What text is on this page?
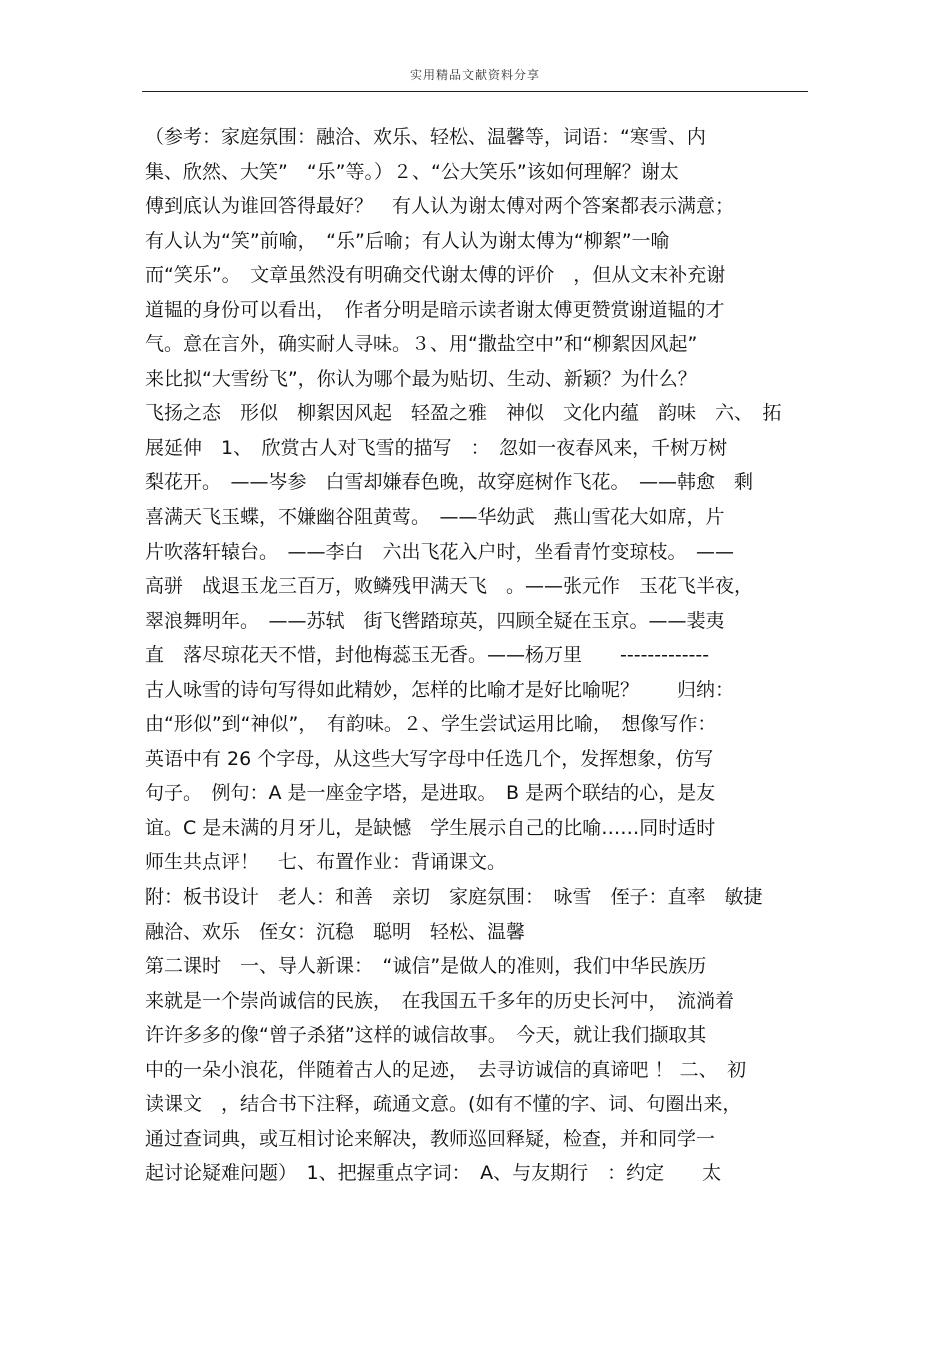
实用精品文献资料分享
（参考：家庭氛围：融洽、欢乐、轻松、温馨等，词语：“寒雪、内
集、欣然、大笑”　“乐”等。）２、“公大笑乐”该如何理解？谢太
傅到底认为谁回答得最好？　有人认为谢太傅对两个答案都表示满意；
有人认为“笑”前喻，　“乐”后喻；有人认为谢太傅为“柳絮”一喻
而“笑乐”。　文章虽然没有明确交代谢太傅的评价　，但从文末补充谢
道韫的身份可以看出，　作者分明是暗示读者谢太傅更赞赏谢道韫的才
气。意在言外，确实耐人寻味。３、用“撒盐空中”和“柳絮因风起”
来比拟“大雪纷飞”，你认为哪个最为贴切、生动、新颖？为什么？
飞扬之态　形似　柳絮因风起　轻盈之雅　神似　文化内蕴　韵味　六、　拓
展延伸　1、　欣赏古人对飞雪的描写　：　忽如一夜春风来，千树万树
梨花开。　——岑参　白雪却嫌春色晚，故穿庭树作飞花。　——韩愈　剩
喜满天飞玉蝶，不嫌幽谷阻黄莺。　——华幼武　燕山雪花大如席，片
片吹落轩辕台。　——李白　六出飞花入户时，坐看青竹变琼枝。　——
高骈　战退玉龙三百万，败鳞残甲满天飞　。——张元作　玉花飞半夜，
翠浪舞明年。　——苏轼　街飞辔踏琼英，四顾全疑在玉京。——裴夷
直　落尽琼花天不惜，封他梅蕊玉无香。——杨万里　　-------------
古人咏雪的诗句写得如此精妙，怎样的比喻才是好比喻呢？　　归纳：
由“形似”到“神似”，　有韵味。２、学生尝试运用比喻，　想像写作：
英语中有 26 个字母，从这些大写字母中任选几个，发挥想象，仿写
句子。　例句：A 是一座金字塔，是进取。　B 是两个联结的心，是友
谊。C 是未满的月牙儿，是缺憾　学生展示自己的比喻……同时适时
师生共点评！　七、布置作业：背诵课文。
附：板书设计　老人：和善　亲切　家庭氛围：　咏雪　侄子：直率　敏捷
融洽、欢乐　侄女：沉稳　聪明　轻松、温馨
第二课时　一、导人新课：　“诚信”是做人的准则，我们中华民族历
来就是一个崇尚诚信的民族，　在我国五千多年的历史长河中，　流淌着
许许多多的像“曾子杀猪”这样的诚信故事。　今天，就让我们撷取其
中的一朵小浪花，伴随着古人的足迹，　去寻访诚信的真谛吧 ！ 二、　初
读课文　，结合书下注释，疏通文意。(如有不懂的字、词、句圈出来，
通过查词典，或互相讨论来解决，教师巡回释疑，检查，并和同学一
起讨论疑难问题）　1、把握重点字词：　A、与友期行　：约定　　太
